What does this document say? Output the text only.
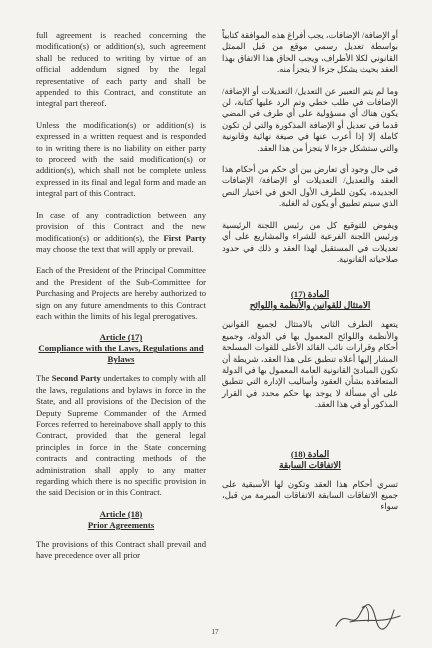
full agreement is reached concerning the modification(s) or addition(s), such agreement shall be reduced to writing by virtue of an official addendum signed by the legal representative of each party and shall be appended to this Contract, and constitute an integral part thereof.

Unless the modification(s) or addition(s) is expressed in a written request and is responded to in writing there is no liability on either party to proceed with the said modification(s) or addition(s), which shall not be complete unless expressed in its final and legal form and made an integral part of this Contract.

In case of any contradiction between any provision of this Contract and the new modification(s) or addition(s), the First Party may choose the text that will apply or prevail.

Each of the President of the Principal Committee and the President of the Sub-Committee for Purchasing and Projects are hereby authorized to sign on any future amendments to this Contract each within the limits of his legal prerogatives.

Article (17)
Compliance with the Laws, Regulations and Bylaws

The Second Party undertakes to comply with all the laws, regulations and bylaws in force in the State, and all provisions of the Decision of the Deputy Supreme Commander of the Armed Forces referred to hereinabove shall apply to this Contract, provided that the general legal principles in force in the State concerning contracts and contracting methods of the administration shall apply to any matter regarding which there is no specific provision in the said Decision or in this Contract.

Article (18)
Prior Agreements

The provisions of this Contract shall prevail and have precedence over all prior

أو الإضافة/ الإضافات، يجب أفراغ هذه الموافقة كتابياً بواسطة تعديل رسمي موقع من قبل الممثل القانوني لكلا الأطراف، ويجب الحاق هذا الاتفاق بهذا العقد بحيث يشكل جزءا لا يتجزأ منه.

وما لم يتم التعبير عن التعديل/ التعديلات أو الإضافة/ الإضافات في طلب خطي وتم الرد عليها كتابة، لن يكون هناك أي مسؤولية على أي طرف في المضي قدما في تعديل أو الإضافة المذكورة والتي لن تكون كاملة إلا إذا أعرب عنها في صيغة نهائية وقانونية والتي ستشكل جزءا لا يتجزأ من هذا العقد.

في حال وجود أي تعارض بين أي حكم من أحكام هذا العقد والتعديل/ التعديلات أو الإضافة/ الإضافات الجديدة، يكون للطرف الأول الحق في اختيار النص الذي سيتم تطبيق أو يكون له الغلبة.

ويفوض للتوقيع كل من رئيس اللجنة الرئيسية ورئيس اللجنة الفرعية للشراء والمشاريع على أي تعديلات في المستقبل لهذا العقد و ذلك في حدود صلاحياته القانونية.

المادة (17)
الامتثال للقوانين والأنظمة واللوائح

يتعهد الطرف الثاني بالامتثال لجميع القوانين والأنظمة واللوائح المعمول بها في الدولة، وجميع أحكام وقرارات نائب القائد الأعلى للقوات المسلحة المشار إليها أعلاه تنطبق على هذا العقد، شريطة أن تكون المبادئ القانونية العامة المعمول بها في الدولة المتعاقدة بشأن العقود وأساليب الإدارة التي تتطبق على أي مسألة لا يوجد بها حكم محدد في القرار المذكور أو في هذا العقد.

المادة (18)
الاتفاقات السابقة

تسري أحكام هذا العقد وتكون لها الأسبقية على جميع الاتفاقات السابقة الاتفاقات المبرمة من قبل، سواء

17
